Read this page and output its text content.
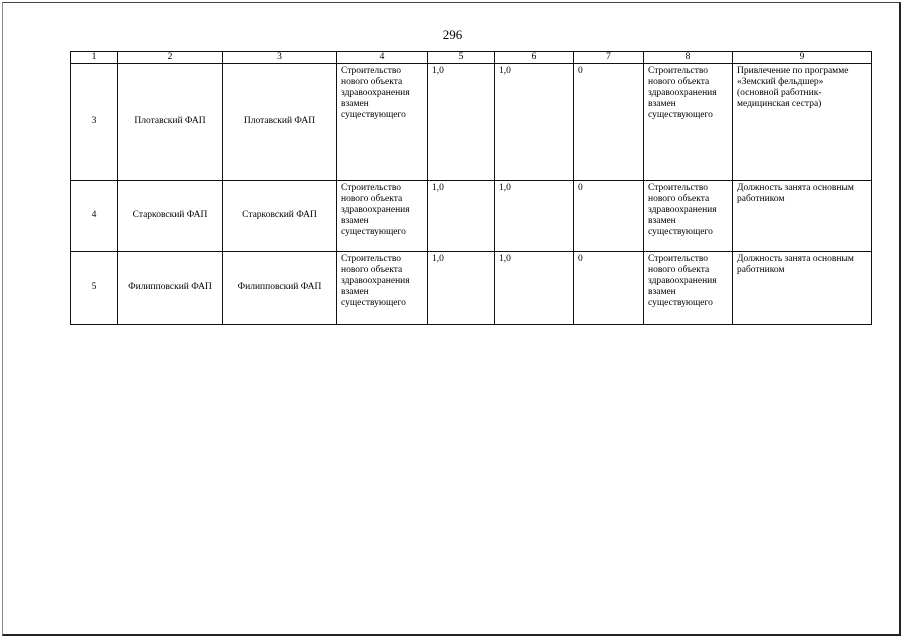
296
1	2	3	4	5	6	7	8	9
3	Плотавский ФАП	Плотавский ФАП	Строительство нового объекта здравоохранения взамен существующего	1,0	1,0	0	Строительство нового объекта здравоохранения взамен существующего	Привлечение по программе «Земский фельдшер» (основной работник- медицинская сестра)
4	Старковский ФАП	Старковский ФАП	Строительство нового объекта здравоохранения взамен существующего	1,0	1,0	0	Строительство нового объекта здравоохранения взамен существующего	Должность занята основным работником
5	Филипповский ФАП	Филипповский ФАП	Строительство нового объекта здравоохранения взамен существующего	1,0	1,0	0	Строительство нового объекта здравоохранения взамен существующего	Должность занята основным работником
